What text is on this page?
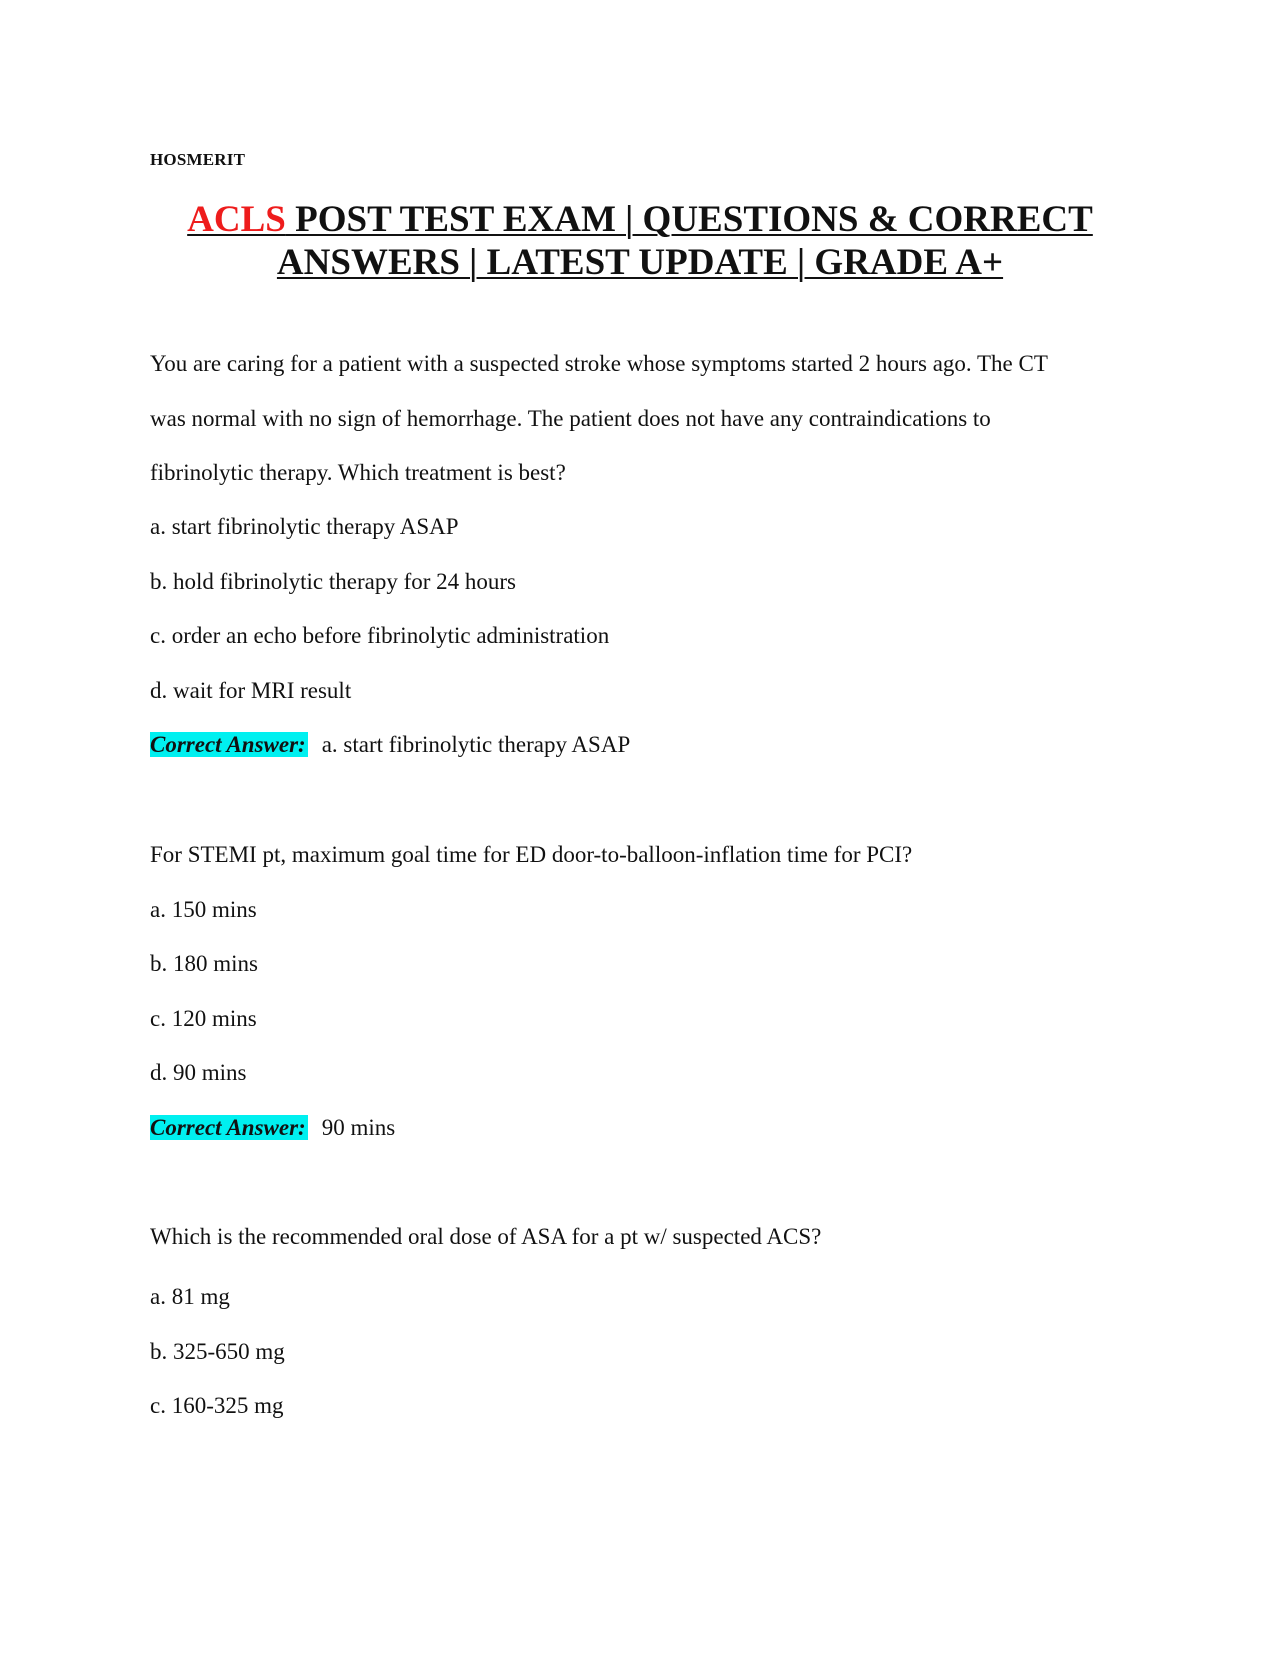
HOSMERIT
ACLS POST TEST EXAM | QUESTIONS & CORRECT
ANSWERS | LATEST UPDATE | GRADE A+
You are caring for a patient with a suspected stroke whose symptoms started 2 hours ago. The CT
was normal with no sign of hemorrhage. The patient does not have any contraindications to
fibrinolytic therapy. Which treatment is best?
a. start fibrinolytic therapy ASAP
b. hold fibrinolytic therapy for 24 hours
c. order an echo before fibrinolytic administration
d. wait for MRI result
Correct Answer: a. start fibrinolytic therapy ASAP
For STEMI pt, maximum goal time for ED door-to-balloon-inflation time for PCI?
a. 150 mins
b. 180 mins
c. 120 mins
d. 90 mins
Correct Answer: 90 mins
Which is the recommended oral dose of ASA for a pt w/ suspected ACS?
a. 81 mg
b. 325-650 mg
c. 160-325 mg
